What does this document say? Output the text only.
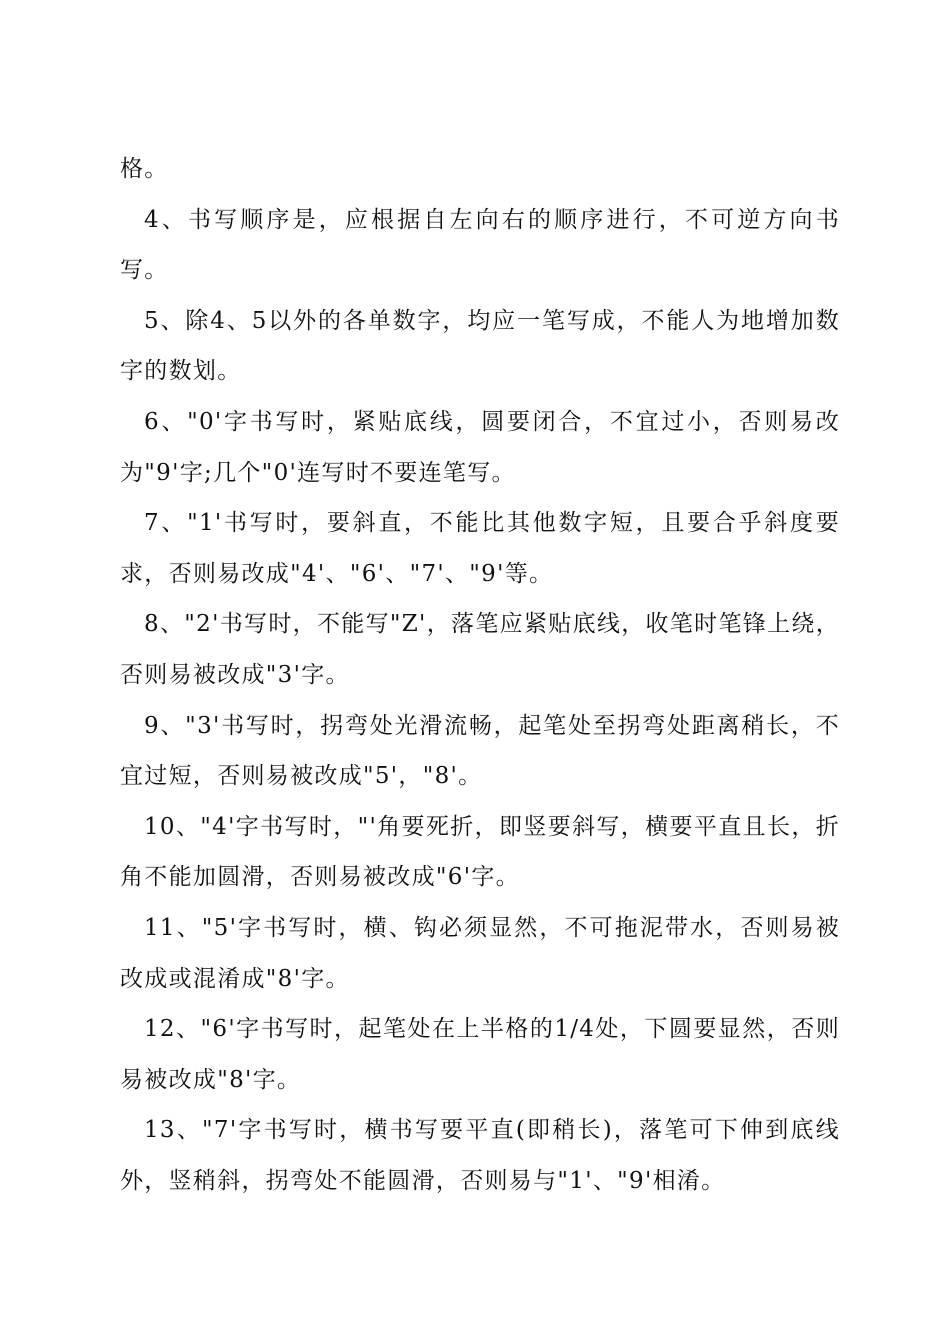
格。

4、书写顺序是，应根据自左向右的顺序进行，不可逆方向书写。

5、除4、5以外的各单数字，均应一笔写成，不能人为地增加数字的数划。

6、"0'字书写时，紧贴底线，圆要闭合，不宜过小，否则易改为"9'字;几个"0'连写时不要连笔写。

7、"1'书写时，要斜直，不能比其他数字短，且要合乎斜度要求，否则易改成"4'、"6'、"7'、"9'等。

8、"2'书写时，不能写"Z'，落笔应紧贴底线，收笔时笔锋上绕，否则易被改成"3'字。

9、"3'书写时，拐弯处光滑流畅，起笔处至拐弯处距离稍长，不宜过短，否则易被改成"5'，"8'。

10、"4'字书写时，"'角要死折，即竖要斜写，横要平直且长，折角不能加圆滑，否则易被改成"6'字。

11、"5'字书写时，横、钩必须显然，不可拖泥带水，否则易被改成或混淆成"8'字。

12、"6'字书写时，起笔处在上半格的1/4处，下圆要显然，否则易被改成"8'字。

13、"7'字书写时，横书写要平直(即稍长)，落笔可下伸到底线外，竖稍斜，拐弯处不能圆滑，否则易与"1'、"9'相淆。
